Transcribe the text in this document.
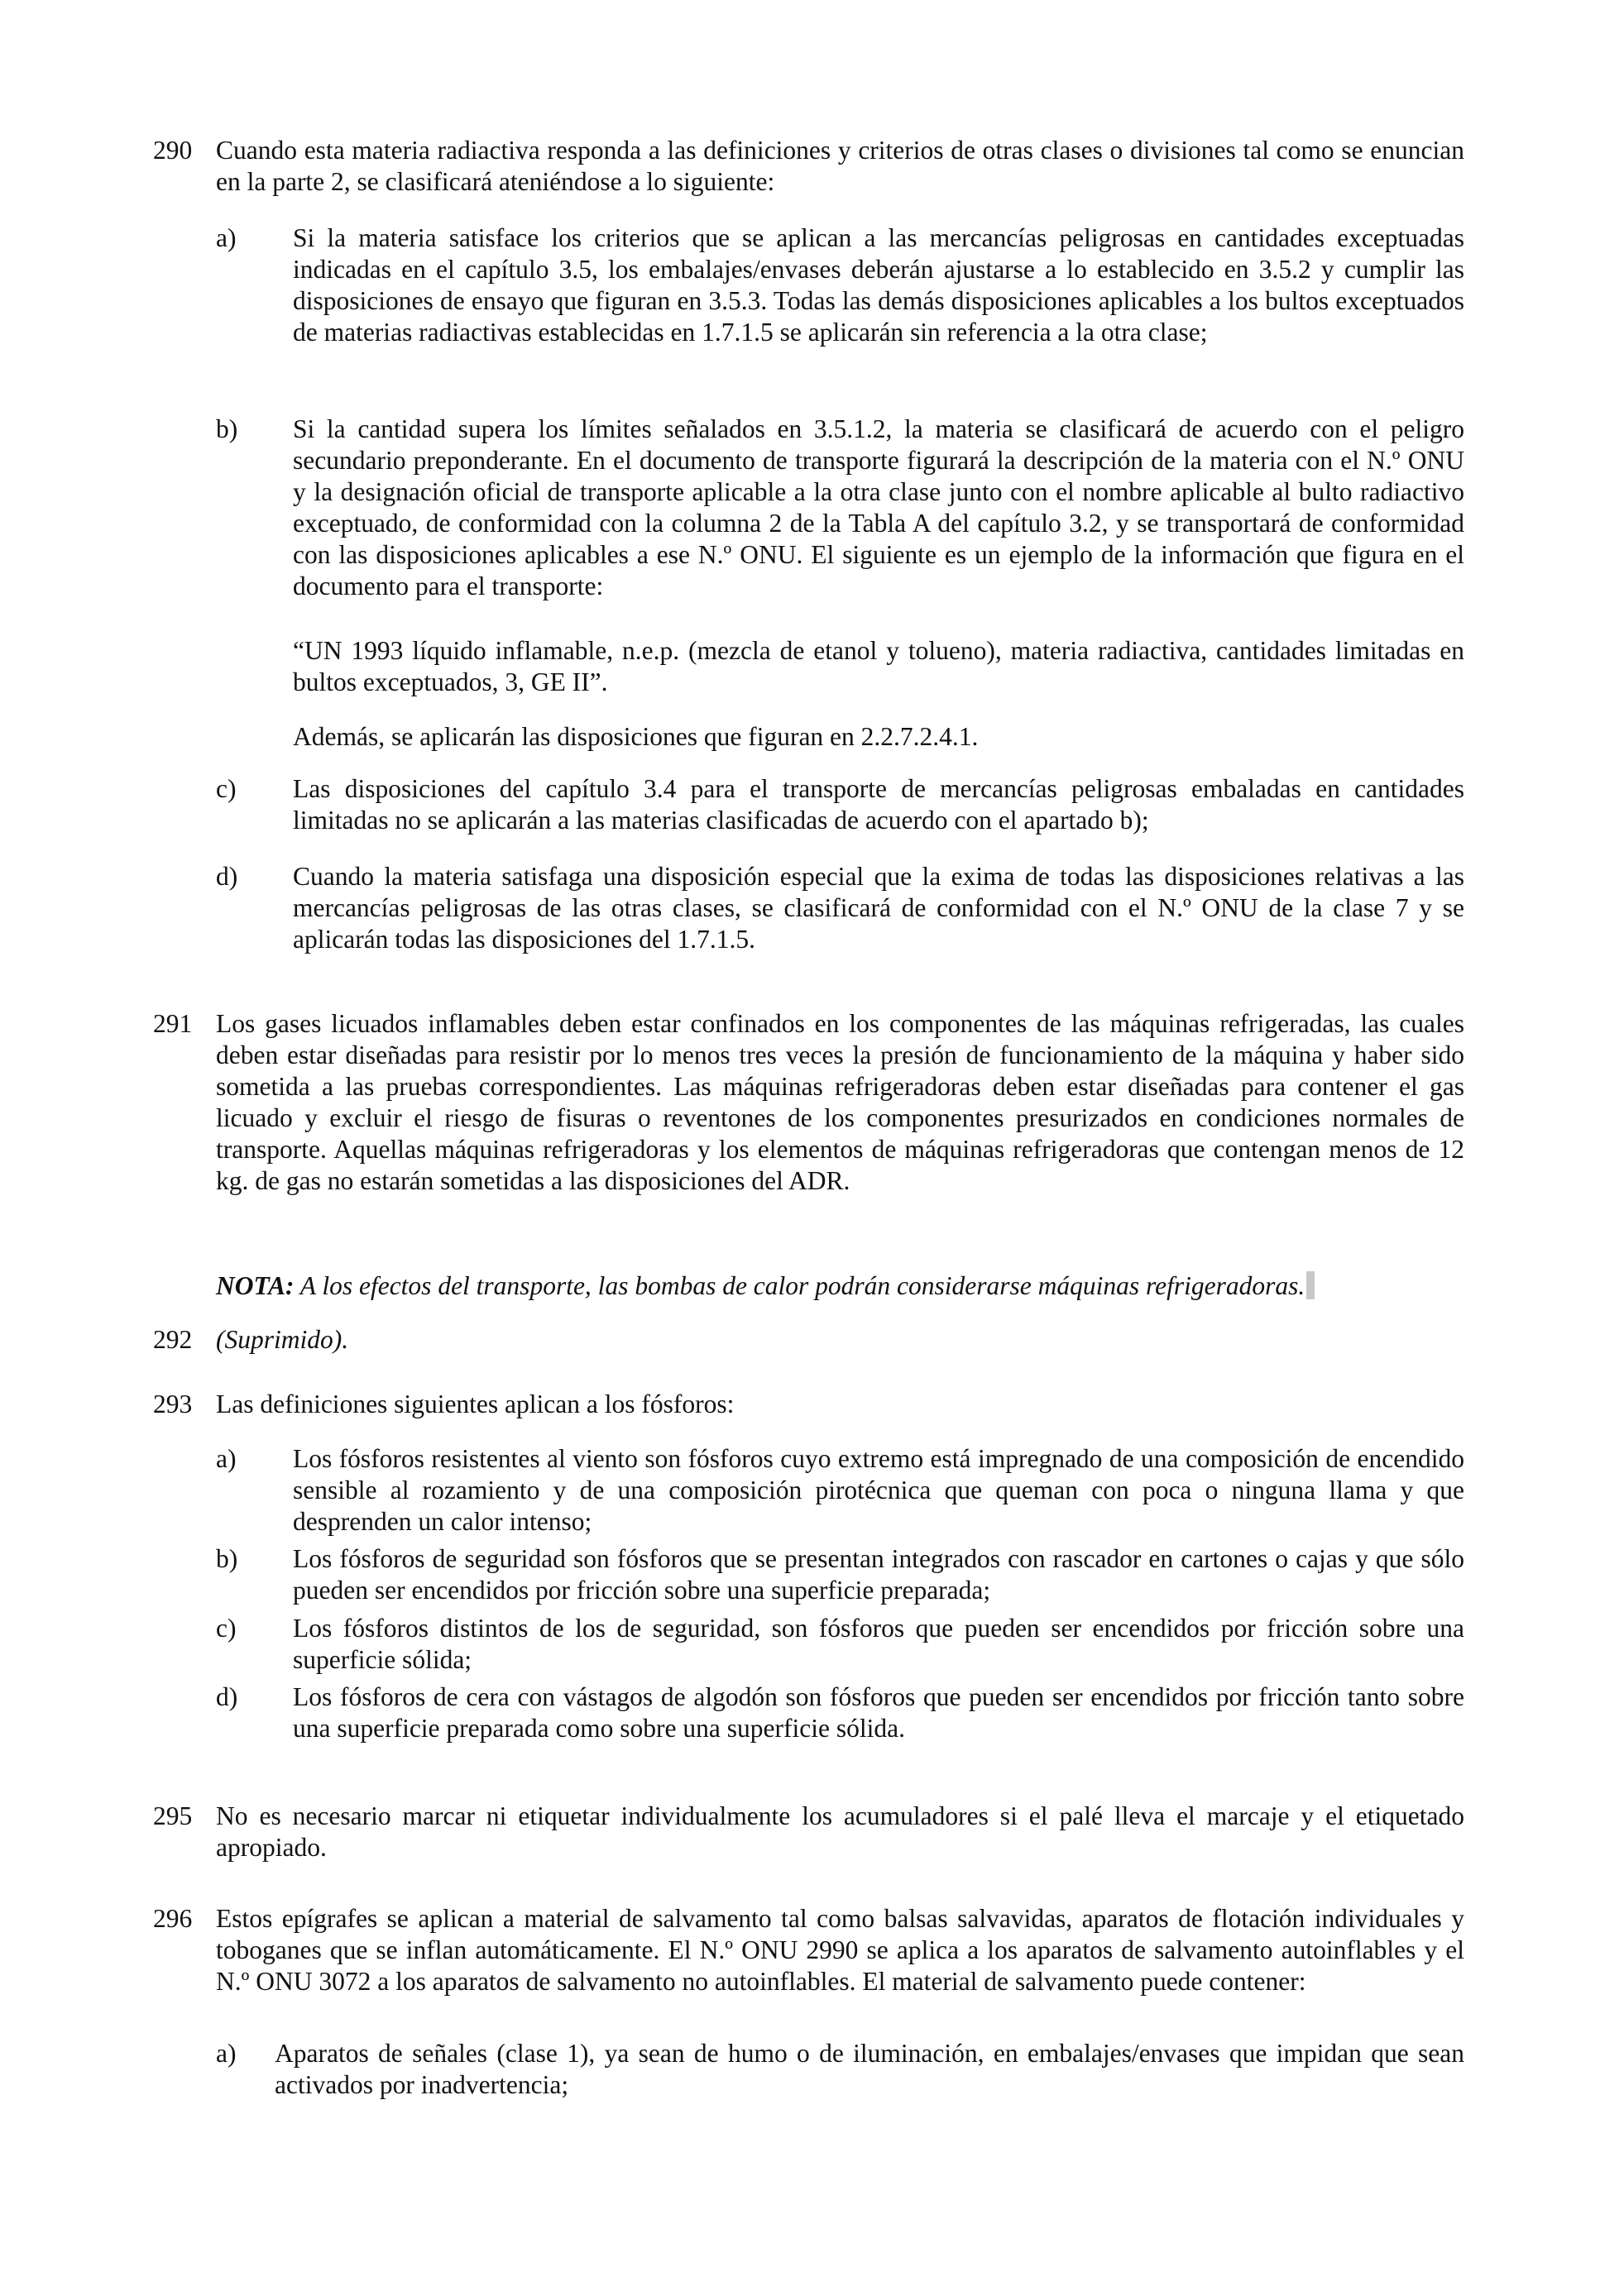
290 Cuando esta materia radiactiva responda a las definiciones y criterios de otras clases o divisiones tal como se enuncian en la parte 2, se clasificará ateniéndose a lo siguiente:
a)	Si la materia satisface los criterios que se aplican a las mercancías peligrosas en cantidades exceptuadas indicadas en el capítulo 3.5, los embalajes/envases deberán ajustarse a lo establecido en 3.5.2 y cumplir las disposiciones de ensayo que figuran en 3.5.3. Todas las demás disposiciones aplicables a los bultos exceptuados de materias radiactivas establecidas en 1.7.1.5 se aplicarán sin referencia a la otra clase;
b)	Si la cantidad supera los límites señalados en 3.5.1.2, la materia se clasificará de acuerdo con el peligro secundario preponderante. En el documento de transporte figurará la descripción de la materia con el N.º ONU y la designación oficial de transporte aplicable a la otra clase junto con el nombre aplicable al bulto radiactivo exceptuado, de conformidad con la columna 2 de la Tabla A del capítulo 3.2, y se transportará de conformidad con las disposiciones aplicables a ese N.º ONU. El siguiente es un ejemplo de la información que figura en el documento para el transporte:
“UN 1993 líquido inflamable, n.e.p. (mezcla de etanol y tolueno), materia radiactiva, cantidades limitadas en bultos exceptuados, 3, GE II”.
Además, se aplicarán las disposiciones que figuran en 2.2.7.2.4.1.
c)	Las disposiciones del capítulo 3.4 para el transporte de mercancías peligrosas embaladas en cantidades limitadas no se aplicarán a las materias clasificadas de acuerdo con el apartado b);
d)	Cuando la materia satisfaga una disposición especial que la exima de todas las disposiciones relativas a las mercancías peligrosas de las otras clases, se clasificará de conformidad con el N.º ONU de la clase 7 y se aplicarán todas las disposiciones del 1.7.1.5.
291 Los gases licuados inflamables deben estar confinados en los componentes de las máquinas refrigeradas, las cuales deben estar diseñadas para resistir por lo menos tres veces la presión de funcionamiento de la máquina y haber sido sometida a las pruebas correspondientes. Las máquinas refrigeradoras deben estar diseñadas para contener el gas licuado y excluir el riesgo de fisuras o reventones de los componentes presurizados en condiciones normales de transporte. Aquellas máquinas refrigeradoras y los elementos de máquinas refrigeradoras que contengan menos de 12 kg. de gas no estarán sometidas a las disposiciones del ADR.
NOTA: A los efectos del transporte, las bombas de calor podrán considerarse máquinas refrigeradoras.
292 (Suprimido).
293 Las definiciones siguientes aplican a los fósforos:
a)	Los fósforos resistentes al viento son fósforos cuyo extremo está impregnado de una composición de encendido sensible al rozamiento y de una composición pirotécnica que queman con poca o ninguna llama y que desprenden un calor intenso;
b)	Los fósforos de seguridad son fósforos que se presentan integrados con rascador en cartones o cajas y que sólo pueden ser encendidos por fricción sobre una superficie preparada;
c)	Los fósforos distintos de los de seguridad, son fósforos que pueden ser encendidos por fricción sobre una superficie sólida;
d)	Los fósforos de cera con vástagos de algodón son fósforos que pueden ser encendidos por fricción tanto sobre una superficie preparada como sobre una superficie sólida.
295 No es necesario marcar ni etiquetar individualmente los acumuladores si el palé lleva el marcaje y el etiquetado apropiado.
296 Estos epígrafes se aplican a material de salvamento tal como balsas salvavidas, aparatos de flotación individuales y toboganes que se inflan automáticamente. El N.º ONU 2990 se aplica a los aparatos de salvamento autoinflables y el N.º ONU 3072 a los aparatos de salvamento no autoinflables. El material de salvamento puede contener:
a)	Aparatos de señales (clase 1), ya sean de humo o de iluminación, en embalajes/envases que impidan que sean activados por inadvertencia;
